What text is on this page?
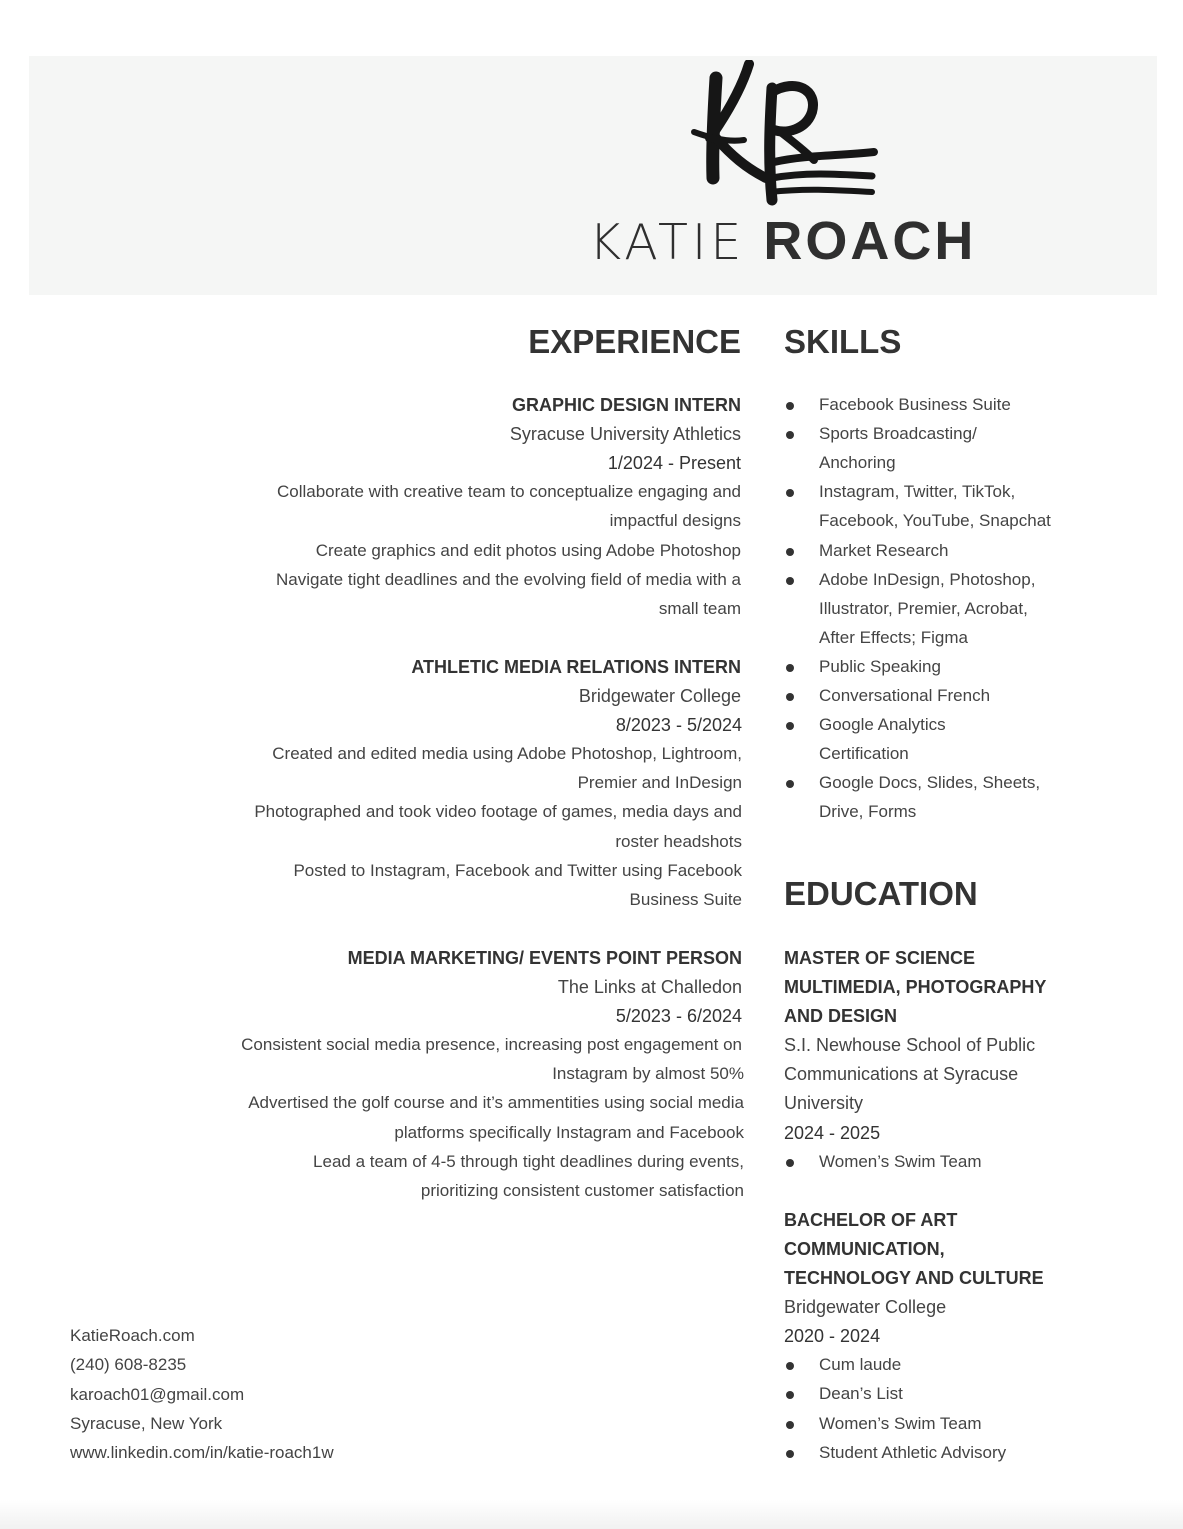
KATIE ROACH
EXPERIENCE
GRAPHIC DESIGN INTERN
Syracuse University Athletics
1/2024 - Present
Collaborate with creative team to conceptualize engaging and
impactful designs
Create graphics and edit photos using Adobe Photoshop
Navigate tight deadlines and the evolving field of media with a
small team
ATHLETIC MEDIA RELATIONS INTERN
Bridgewater College
8/2023 - 5/2024
Created and edited media using Adobe Photoshop, Lightroom,
Premier and InDesign
Photographed and took video footage of games, media days and
roster headshots
Posted to Instagram, Facebook and Twitter using Facebook
Business Suite
MEDIA MARKETING/ EVENTS POINT PERSON
The Links at Challedon
5/2023 - 6/2024
Consistent social media presence, increasing post engagement on
Instagram by almost 50%
Advertised the golf course and it’s ammentities using social media
platforms specifically Instagram and Facebook
Lead a team of 4-5 through tight deadlines during events,
prioritizing consistent customer satisfaction
SKILLS
Facebook Business Suite
Sports Broadcasting/
Anchoring
Instagram, Twitter, TikTok,
Facebook, YouTube, Snapchat
Market Research
Adobe InDesign, Photoshop,
Illustrator, Premier, Acrobat,
After Effects; Figma
Public Speaking
Conversational French
Google Analytics
Certification
Google Docs, Slides, Sheets,
Drive, Forms
EDUCATION
MASTER OF SCIENCE
MULTIMEDIA, PHOTOGRAPHY
AND DESIGN
S.I. Newhouse School of Public
Communications at Syracuse
University
2024 - 2025
Women’s Swim Team
BACHELOR OF ART
COMMUNICATION,
TECHNOLOGY AND CULTURE
Bridgewater College
2020 - 2024
Cum laude
Dean’s List
Women’s Swim Team
Student Athletic Advisory
KatieRoach.com
(240) 608-8235
karoach01@gmail.com
Syracuse, New York
www.linkedin.com/in/katie-roach1w
